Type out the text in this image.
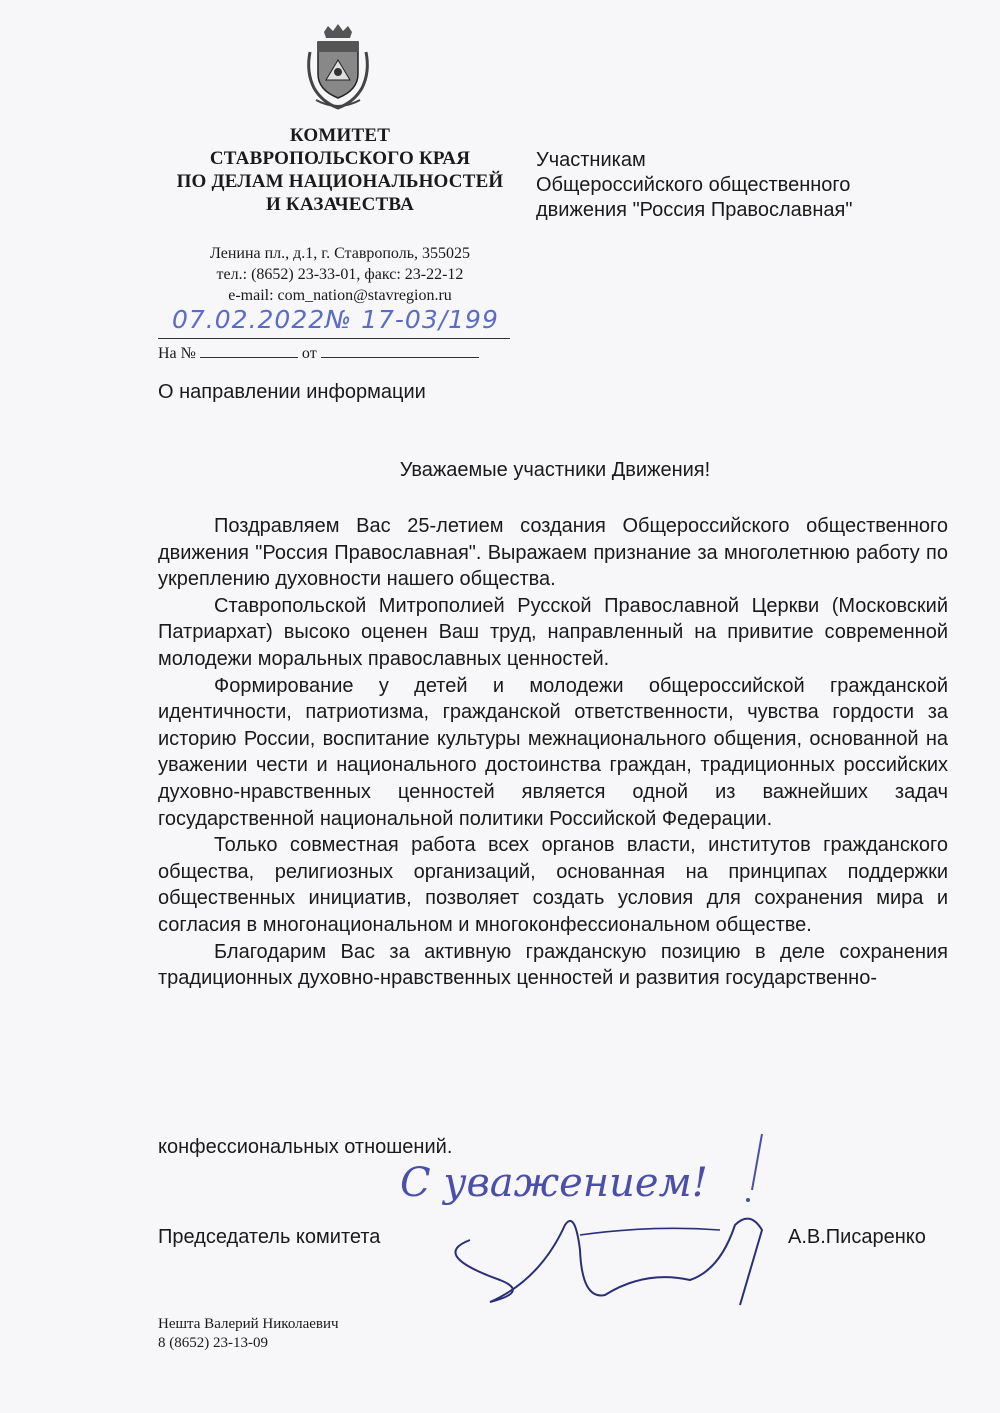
КОМИТЕТ
СТАВРОПОЛЬСКОГО КРАЯ
ПО ДЕЛАМ НАЦИОНАЛЬНОСТЕЙ
И КАЗАЧЕСТВА
Участникам
Общероссийского общественного
движения "Россия Православная"
Ленина пл., д.1, г. Ставрополь, 355025
тел.: (8652) 23-33-01, факс: 23-22-12
e-mail: com_nation@stavregion.ru
07.02.2022№ 17-03/199
На №	от
О направлении информации
Уважаемые участники Движения!

Поздравляем Вас 25-летием создания Общероссийского общественного движения "Россия Православная". Выражаем признание за многолетнюю работу по укреплению духовности нашего общества.

Ставропольской Митрополией Русской Православной Церкви (Московский Патриархат) высоко оценен Ваш труд, направленный на привитие современной молодежи моральных православных ценностей.

Формирование у детей и молодежи общероссийской гражданской идентичности, патриотизма, гражданской ответственности, чувства гордости за историю России, воспитание культуры межнационального общения, основанной на уважении чести и национального достоинства граждан, традиционных российских духовно-нравственных ценностей является одной из важнейших задач государственной национальной политики Российской Федерации.

Только совместная работа всех органов власти, институтов гражданского общества, религиозных организаций, основанная на принципах поддержки общественных инициатив, позволяет создать условия для сохранения мира и согласия в многонациональном и многоконфессиональном обществе.

Благодарим Вас за активную гражданскую позицию в деле сохранения традиционных духовно-нравственных ценностей и развития государственно-

конфессиональных отношений.
С уважением!
Председатель комитета	А.В.Писаренко
Нешта Валерий Николаевич
8 (8652) 23-13-09
